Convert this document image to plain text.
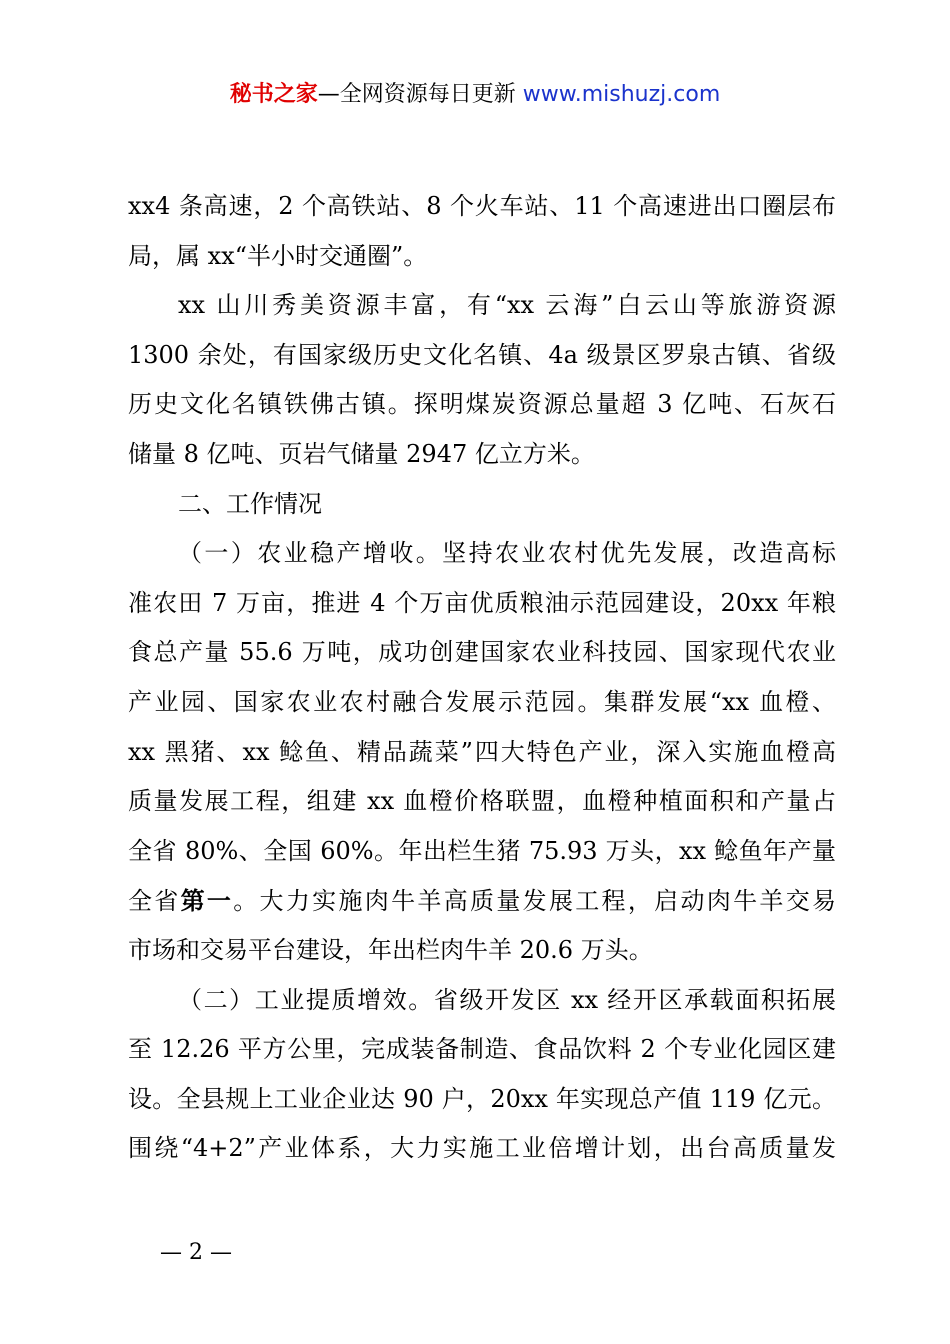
秘书之家—全网资源每日更新 www.mishuzj.com
xx4 条高速，2 个高铁站、8 个火车站、11 个高速进出口圈层布
局，属 xx“半小时交通圈”。
xx 山川秀美资源丰富，有“xx 云海”白云山等旅游资源
1300 余处，有国家级历史文化名镇、4a 级景区罗泉古镇、省级
历史文化名镇铁佛古镇。探明煤炭资源总量超 3 亿吨、石灰石
储量 8 亿吨、页岩气储量 2947 亿立方米。
二、工作情况
（一）农业稳产增收。坚持农业农村优先发展，改造高标
准农田 7 万亩，推进 4 个万亩优质粮油示范园建设，20xx 年粮
食总产量 55.6 万吨，成功创建国家农业科技园、国家现代农业
产业园、国家农业农村融合发展示范园。集群发展“xx 血橙、
xx 黑猪、xx 鲶鱼、精品蔬菜”四大特色产业，深入实施血橙高
质量发展工程，组建 xx 血橙价格联盟，血橙种植面积和产量占
全省 80%、全国 60%。年出栏生猪 75.93 万头，xx 鲶鱼年产量
全省第一。大力实施肉牛羊高质量发展工程，启动肉牛羊交易
市场和交易平台建设，年出栏肉牛羊 20.6 万头。
（二）工业提质增效。省级开发区 xx 经开区承载面积拓展
至 12.26 平方公里，完成装备制造、食品饮料 2 个专业化园区建
设。全县规上工业企业达 90 户，20xx 年实现总产值 119 亿元。
围绕“4+2”产业体系，大力实施工业倍增计划，出台高质量发
— 2 —
